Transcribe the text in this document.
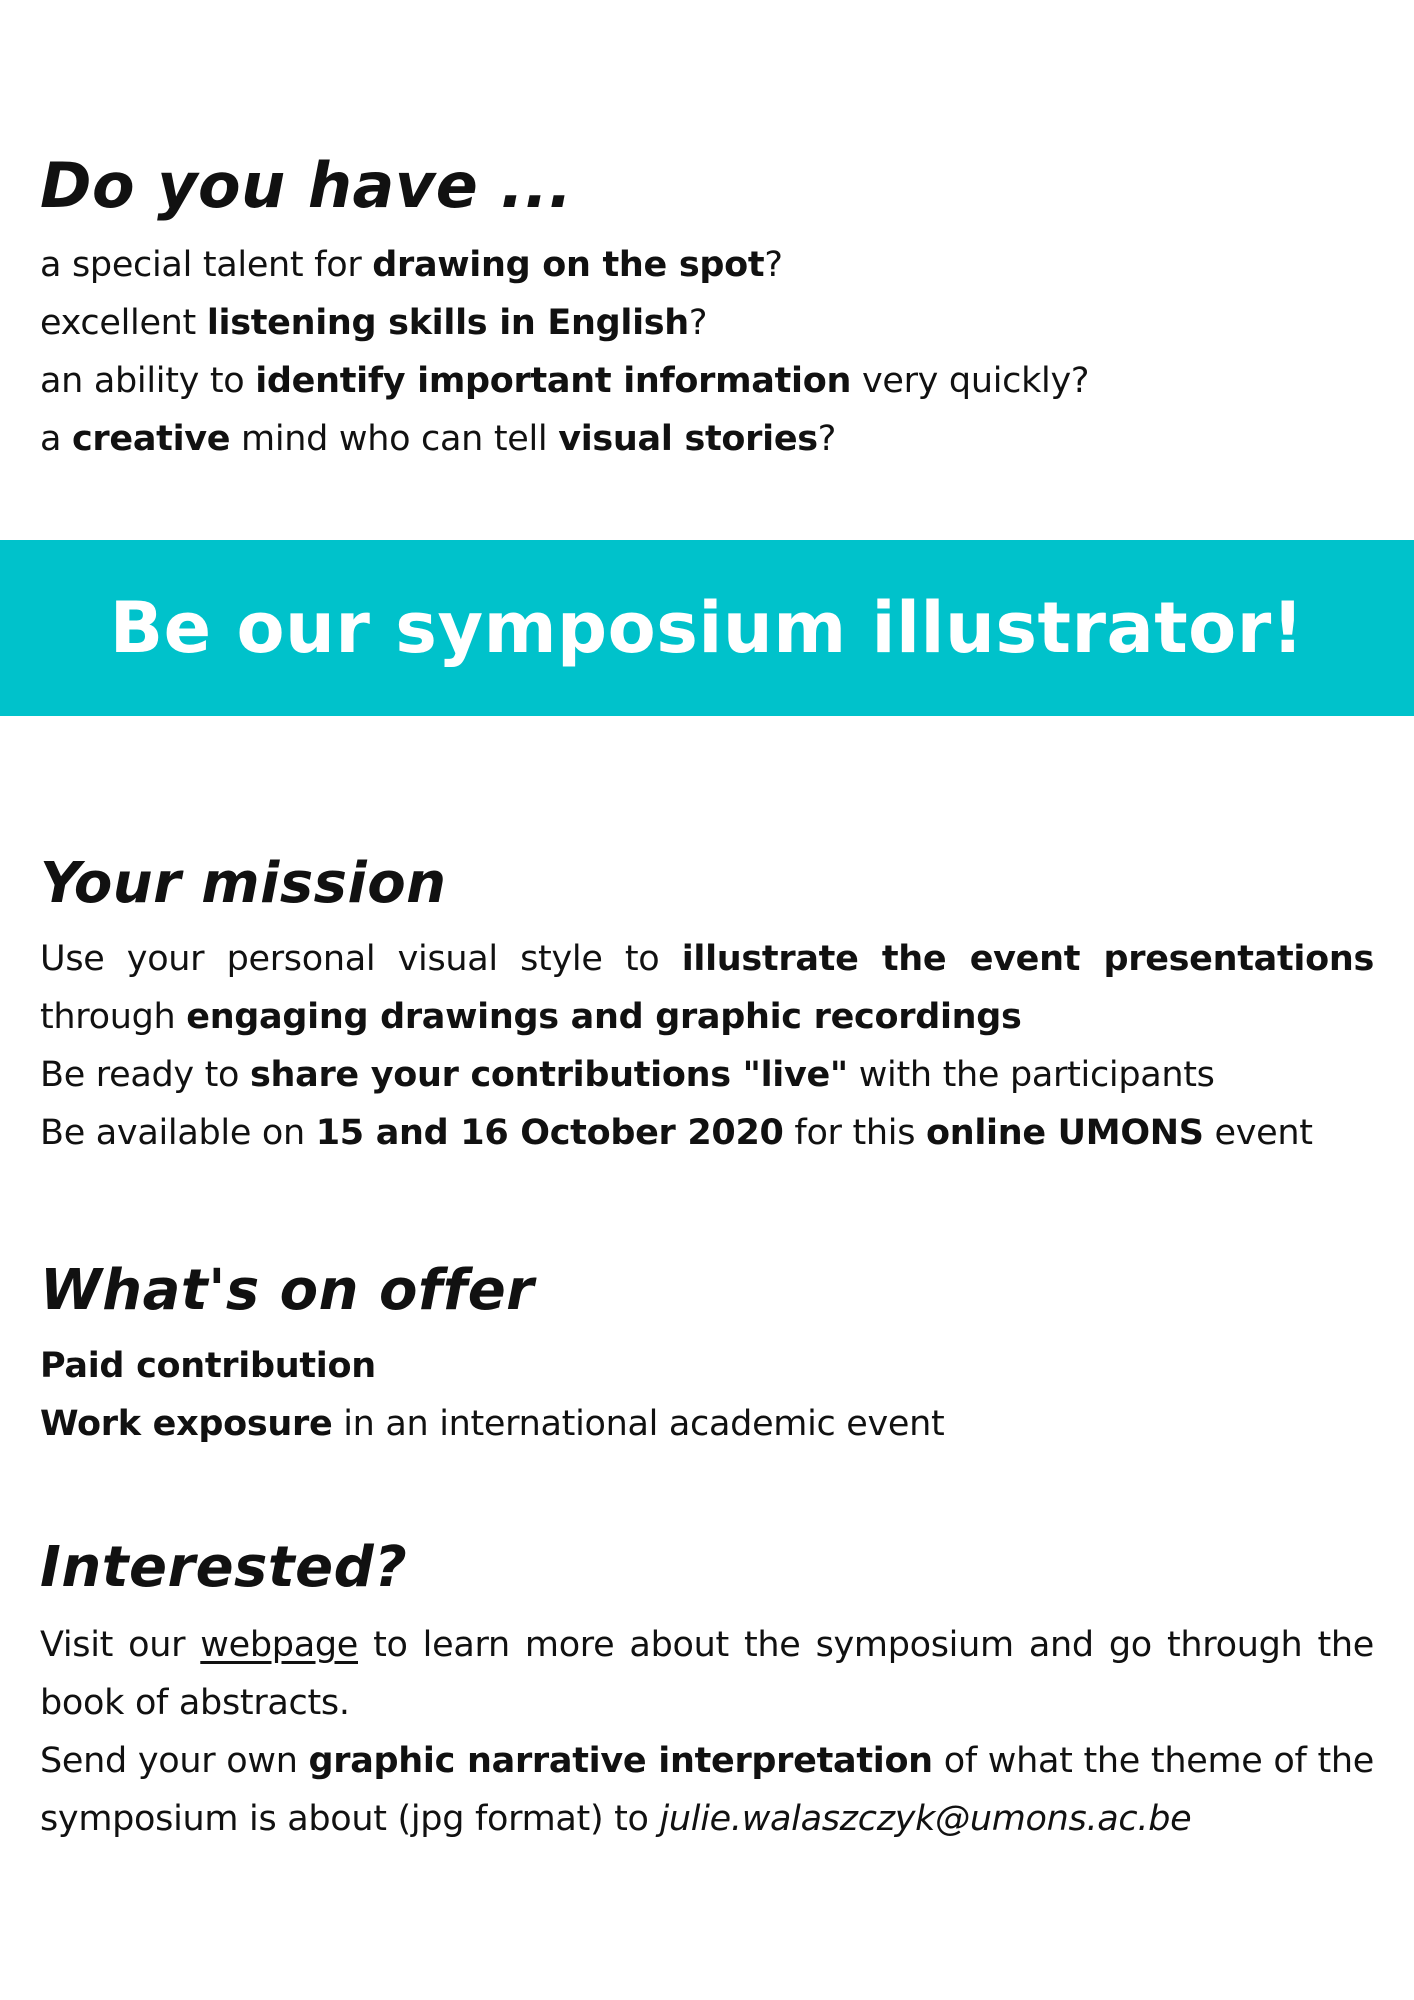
Do you have ...
a special talent for drawing on the spot?
excellent listening skills in English?
an ability to identify important information very quickly?
a creative mind who can tell visual stories?

Be our symposium illustrator!

Your mission
Use your personal visual style to illustrate the event presentations through engaging drawings and graphic recordings
Be ready to share your contributions "live" with the participants
Be available on 15 and 16 October 2020 for this online UMONS event
What's on offer
Paid contribution
Work exposure in an international academic event
Interested?
Visit our webpage to learn more about the symposium and go through the book of abstracts.
Send your own graphic narrative interpretation of what the theme of the symposium is about (jpg format) to julie.walaszczyk@umons.ac.be
